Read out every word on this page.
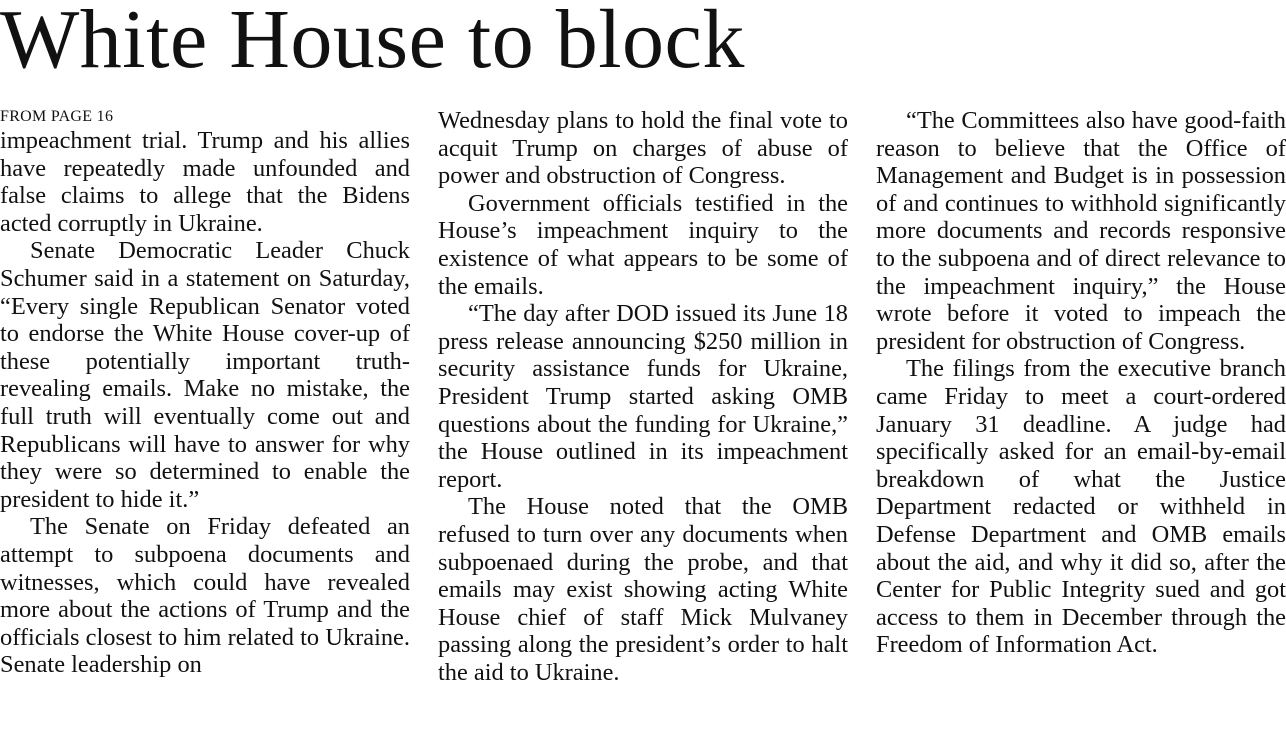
White House to block
FROM PAGE 16

impeachment trial. Trump and his allies have repeatedly made unfounded and false claims to allege that the Bidens acted corruptly in Ukraine.

Senate Democratic Leader Chuck Schumer said in a statement on Saturday, “Every single Republican Senator voted to endorse the White House cover-up of these potentially important truth-revealing emails. Make no mistake, the full truth will eventually come out and Republicans will have to answer for why they were so determined to enable the president to hide it.”

The Senate on Friday defeated an attempt to subpoena documents and witnesses, which could have revealed more about the actions of Trump and the officials closest to him related to Ukraine. Senate leadership on

Wednesday plans to hold the final vote to acquit Trump on charges of abuse of power and obstruction of Congress.

Government officials testified in the House’s impeachment inquiry to the existence of what appears to be some of the emails.

“The day after DOD issued its June 18 press release announcing $250 million in security assistance funds for Ukraine, President Trump started asking OMB questions about the funding for Ukraine,” the House outlined in its impeachment report.

The House noted that the OMB refused to turn over any documents when subpoenaed during the probe, and that emails may exist showing acting White House chief of staff Mick Mulvaney passing along the president’s order to halt the aid to Ukraine.

“The Committees also have good-faith reason to believe that the Office of Management and Budget is in possession of and continues to withhold significantly more documents and records responsive to the subpoena and of direct relevance to the impeachment inquiry,” the House wrote before it voted to impeach the president for obstruction of Congress.

The filings from the executive branch came Friday to meet a court-ordered January 31 deadline. A judge had specifically asked for an email-by-email breakdown of what the Justice Department redacted or withheld in Defense Department and OMB emails about the aid, and why it did so, after the Center for Public Integrity sued and got access to them in December through the Freedom of Information Act.
